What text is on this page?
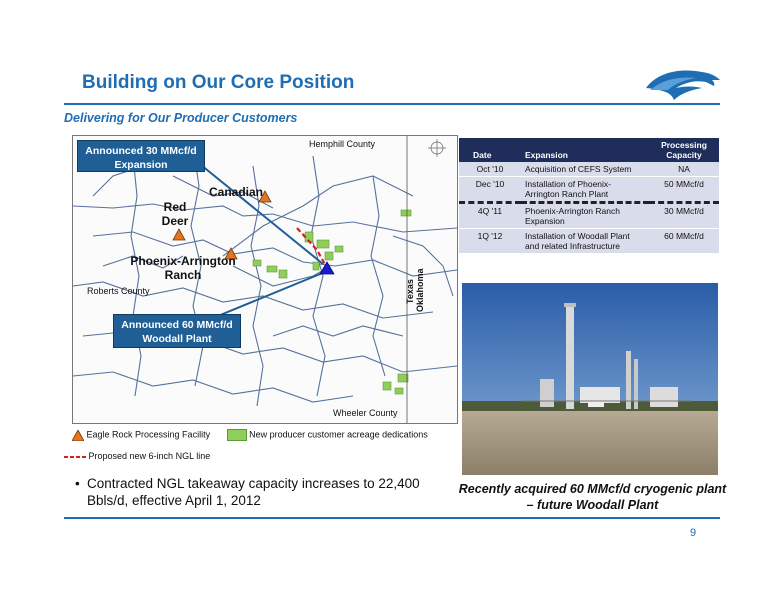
Building on Our Core Position
Delivering for Our Producer Customers
Hemphill County
Roberts County
Wheeler County
Texas Oklahoma
Canadian
Red Deer
Phoenix-Arrington Ranch
Announced 30 MMcf/d Expansion
Announced 60 MMcf/d Woodall Plant
Eagle Rock Processing Facility	New producer customer acreage dedications
Proposed new 6-inch NGL line
• Contracted NGL takeaway capacity increases to 22,400 Bbls/d, effective April 1, 2012
Date	Expansion	Processing Capacity
Oct '10	Acquisition of CEFS System	NA
Dec '10	Installation of Phoenix-Arrington Ranch Plant	50 MMcf/d
4Q '11	Phoenix-Arrington Ranch Expansion	30 MMcf/d
1Q '12	Installation of Woodall Plant and related Infrastructure	60 MMcf/d
Recently acquired 60 MMcf/d cryogenic plant – future Woodall Plant
9
